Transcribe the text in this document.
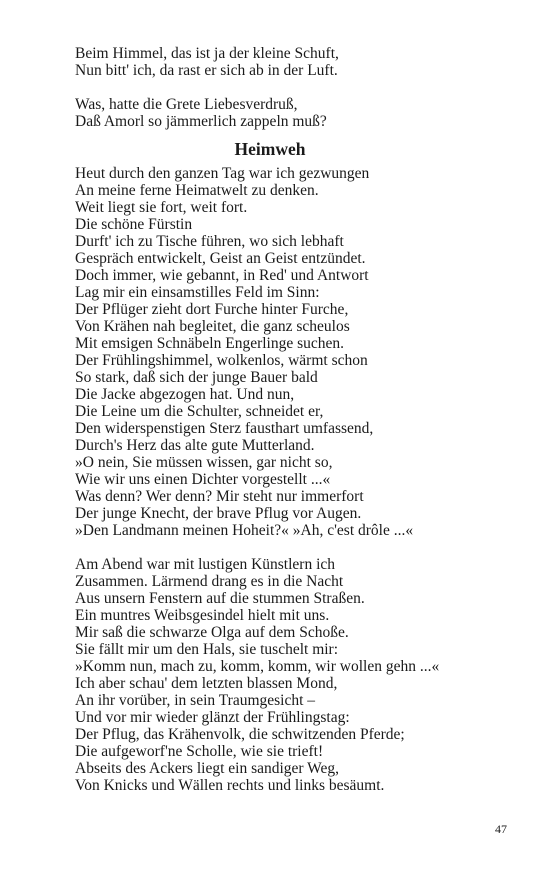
Beim Himmel, das ist ja der kleine Schuft,
Nun bitt' ich, da rast er sich ab in der Luft.
Was, hatte die Grete Liebesverdruß,
Daß Amorl so jämmerlich zappeln muß?
Heimweh
Heut durch den ganzen Tag war ich gezwungen
An meine ferne Heimatwelt zu denken.
Weit liegt sie fort, weit fort.
Die schöne Fürstin
Durft' ich zu Tische führen, wo sich lebhaft
Gespräch entwickelt, Geist an Geist entzündet.
Doch immer, wie gebannt, in Red' und Antwort
Lag mir ein einsamstilles Feld im Sinn:
Der Pflüger zieht dort Furche hinter Furche,
Von Krähen nah begleitet, die ganz scheulos
Mit emsigen Schnäbeln Engerlinge suchen.
Der Frühlingshimmel, wolkenlos, wärmt schon
So stark, daß sich der junge Bauer bald
Die Jacke abgezogen hat. Und nun,
Die Leine um die Schulter, schneidet er,
Den widerspenstigen Sterz fausthart umfassend,
Durch's Herz das alte gute Mutterland.
»O nein, Sie müssen wissen, gar nicht so,
Wie wir uns einen Dichter vorgestellt ...«
Was denn? Wer denn? Mir steht nur immerfort
Der junge Knecht, der brave Pflug vor Augen.
»Den Landmann meinen Hoheit?« »Ah, c'est drôle ...«
Am Abend war mit lustigen Künstlern ich
Zusammen. Lärmend drang es in die Nacht
Aus unsern Fenstern auf die stummen Straßen.
Ein muntres Weibsgesindel hielt mit uns.
Mir saß die schwarze Olga auf dem Schoße.
Sie fällt mir um den Hals, sie tuschelt mir:
»Komm nun, mach zu, komm, komm, wir wollen gehn ...«
Ich aber schau' dem letzten blassen Mond,
An ihr vorüber, in sein Traumgesicht –
Und vor mir wieder glänzt der Frühlingstag:
Der Pflug, das Krähenvolk, die schwitzenden Pferde;
Die aufgeworf'ne Scholle, wie sie trieft!
Abseits des Ackers liegt ein sandiger Weg,
Von Knicks und Wällen rechts und links besäumt.
47
